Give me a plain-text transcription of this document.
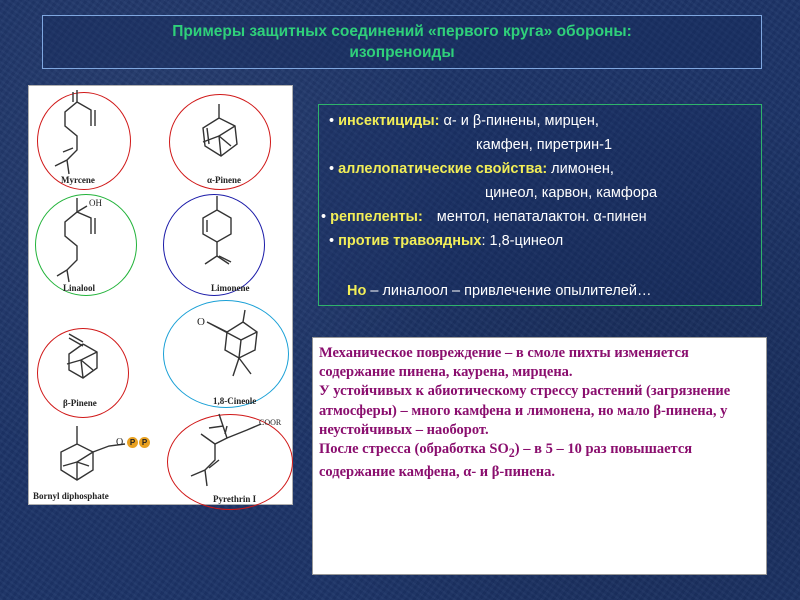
Примеры защитных соединений «первого круга» обороны:
изопреноиды
Myrcene	α-Pinene
OH
Linalool	Limonene
β-Pinene
O
1,8-Cineole
O P P
Bornyl diphosphate
COOR
Pyrethrin I
• инсектициды: α- и β-пинены, мирцен,
камфен, пиретрин-1
• аллелопатические свойства: лимонен,
цинеол, карвон, камфора
• реппеленты: ментол, непаталактон. α-пинен
• против травоядных: 1,8-цинеол
Но – линалоол – привлечение опылителей…

Механическое повреждение – в смоле пихты изменяется содержание пинена, каурена, мирцена.

У устойчивых к абиотическому стрессу растений (загрязнение атмосферы) – много камфена и лимонена, но мало β-пинена, у неустойчивых – наоборот.

После стресса (обработка $SO_2$) – в 5 – 10 раз повышается содержание камфена, α- и β-пинена.
